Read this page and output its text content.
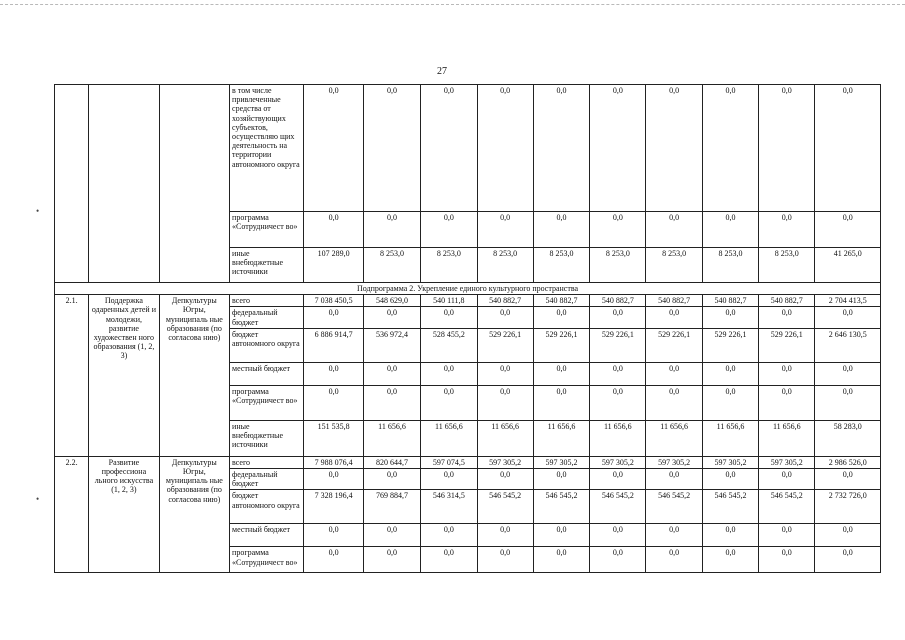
27
•
•
			в том числе привлеченные средства от хозяйствующих субъектов, осуществляю щих деятельность на территории автономного округа	0,0	0,0	0,0	0,0	0,0	0,0	0,0	0,0	0,0	0,0
			программа «Сотрудничест во»	0,0	0,0	0,0	0,0	0,0	0,0	0,0	0,0	0,0	0,0
			иные внебюджетные источники	107 289,0	8 253,0	8 253,0	8 253,0	8 253,0	8 253,0	8 253,0	8 253,0	8 253,0	41 265,0
Подпрограмма 2. Укрепление единого культурного пространства													
2.1.	Поддержка одаренных детей и молодежи, развитие художествен ного образования (1, 2, 3)	Депкультуры Югры, муниципаль ные образования (по согласова нию)	всего	7 038 450,5	548 629,0	540 111,8	540 882,7	540 882,7	540 882,7	540 882,7	540 882,7	540 882,7	2 704 413,5
			федеральный бюджет	0,0	0,0	0,0	0,0	0,0	0,0	0,0	0,0	0,0	0,0
			бюджет автономного округа	6 886 914,7	536 972,4	528 455,2	529 226,1	529 226,1	529 226,1	529 226,1	529 226,1	529 226,1	2 646 130,5
			местный бюджет	0,0	0,0	0,0	0,0	0,0	0,0	0,0	0,0	0,0	0,0
			программа «Сотрудничест во»	0,0	0,0	0,0	0,0	0,0	0,0	0,0	0,0	0,0	0,0
			иные внебюджетные источники	151 535,8	11 656,6	11 656,6	11 656,6	11 656,6	11 656,6	11 656,6	11 656,6	11 656,6	58 283,0
2.2.	Развитие профессиона льного искусства (1, 2, 3)	Депкультуры Югры, муниципаль ные образования (по согласова нию)	всего	7 988 076,4	820 644,7	597 074,5	597 305,2	597 305,2	597 305,2	597 305,2	597 305,2	597 305,2	2 986 526,0
			федеральный бюджет	0,0	0,0	0,0	0,0	0,0	0,0	0,0	0,0	0,0	0,0
			бюджет автономного округа	7 328 196,4	769 884,7	546 314,5	546 545,2	546 545,2	546 545,2	546 545,2	546 545,2	546 545,2	2 732 726,0
			местный бюджет	0,0	0,0	0,0	0,0	0,0	0,0	0,0	0,0	0,0	0,0
			программа «Сотрудничест во»	0,0	0,0	0,0	0,0	0,0	0,0	0,0	0,0	0,0	0,0
